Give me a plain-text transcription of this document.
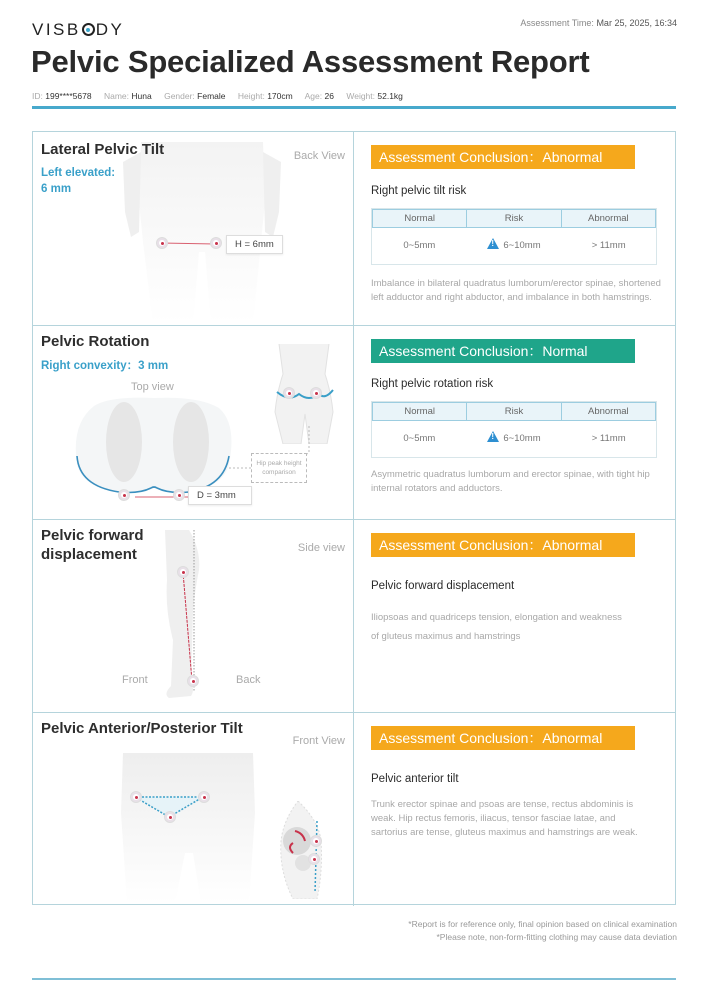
VISB DY	Assessment Time: Mar 25, 2025, 16:34
Pelvic Specialized Assessment Report
ID: 199****5678 Name: Huna Gender: Female Height: 170cm Age: 26 Weight: 52.1kg
Lateral Pelvic Tilt
Left elevated:
6 mm
Back View
H = 6mm
Assessment Conclusion：Abnormal
Right pelvic tilt risk
Normal	Risk	Abnormal
0~5mm !	6~10mm	> 11mm
Imbalance in bilateral quadratus lumborum/erector spinae, shortened left adductor and right abductor, and imbalance in both hamstrings.
Pelvic Rotation
Right convexity：3 mm
Top view
D = 3mm
Hip peak height
comparison
Assessment Conclusion：Normal
Right pelvic rotation risk
Normal	Risk	Abnormal
0~5mm !	6~10mm	> 11mm
Asymmetric quadratus lumborum and erector spinae, with tight hip internal rotators and adductors.
Pelvic forward
displacement	Side view
Front	Back
Assessment Conclusion：Abnormal
Pelvic forward displacement
Iliopsoas and quadriceps tension, elongation and weakness of gluteus maximus and hamstrings
Pelvic Anterior/Posterior Tilt
Front View	Assessment Conclusion：Abnormal
Pelvic anterior tilt
Trunk erector spinae and psoas are tense, rectus abdominis is weak. Hip rectus femoris, iliacus, tensor fasciae latae, and sartorius are tense, gluteus maximus and hamstrings are weak.
*Report is for reference only, final opinion based on clinical examination
*Please note, non-form-fitting clothing may cause data deviation
